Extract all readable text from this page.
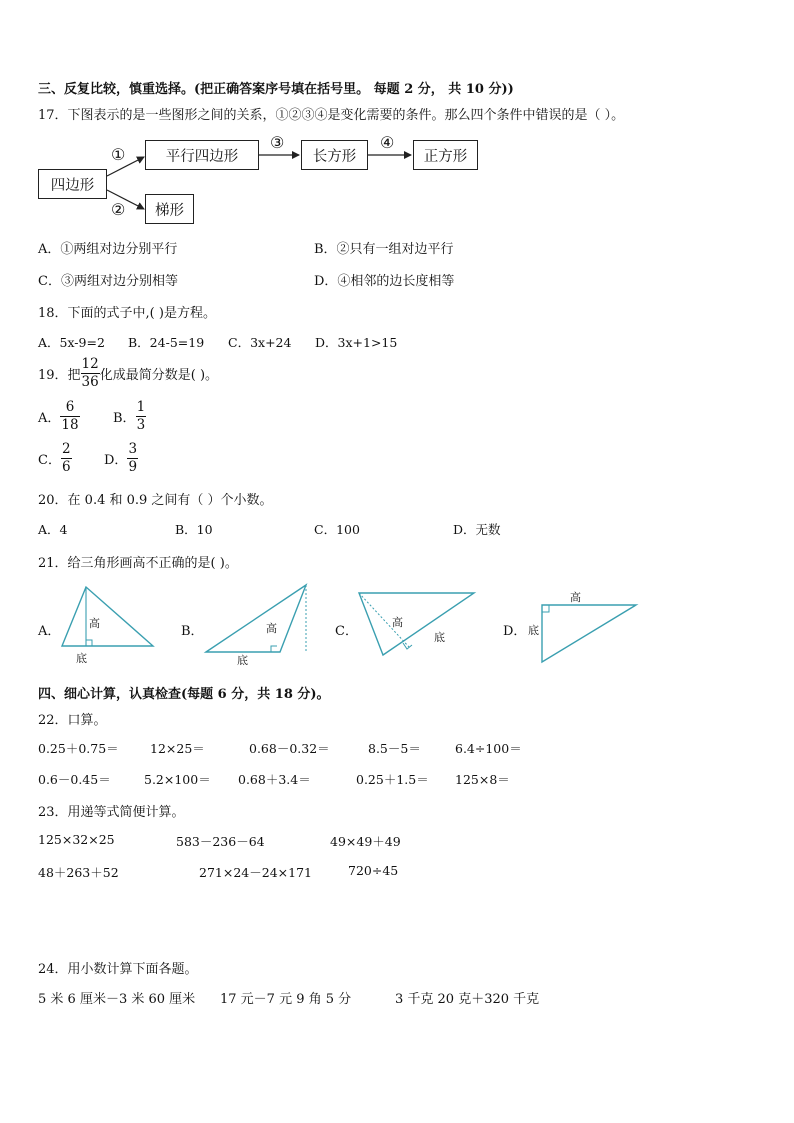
三、反复比较，慎重选择。(把正确答案序号填在括号里。 每题 2 分， 共 10 分))
17．下图表示的是一些图形之间的关系，①②③④是变化需要的条件。那么四个条件中错误的是（ ）。
四边形
平行四边形	长方形	正方形
梯形
①
②
③	④
A．①两组对边分别平行	B．②只有一组对边平行
C．③两组对边分别相等	D．④相邻的边长度相等
18．下面的式子中,( )是方程。
A．5x-9=2 B．24-5=19 C．3x+24 D．3x+1>15
19．把 $\frac{12}{36}$ 化成最简分数是( )。
A． $\frac{6}{18}$	B． $\frac{1}{3}$
C． $\frac{2}{6}$ D． $\frac{3}{9}$
20．在 0.4 和 0.9 之间有（ ）个小数。
A．4	B．10	C．100	D．无数
21．给三角形画高不正确的是( )。
A．	B．	C．	D．
高
底
高
底
高
底
高
底
四、细心计算，认真检查(每题 6 分，共 18 分)。
22．口算。
0.25＋0.75＝	12×25＝	0.68－0.32＝	8.5－5＝	6.4÷100＝
0.6－0.45＝	5.2×100＝ 0.68＋3.4＝	0.25＋1.5＝ 125×8＝
23．用递等式简便计算。
125×32×25	583－236－64	49×49＋49
48＋263＋52	271×24－24×171	720÷45
24．用小数计算下面各题。
5 米 6 厘米－3 米 60 厘米 17 元－7 元 9 角 5 分	3 千克 20 克＋320 千克
